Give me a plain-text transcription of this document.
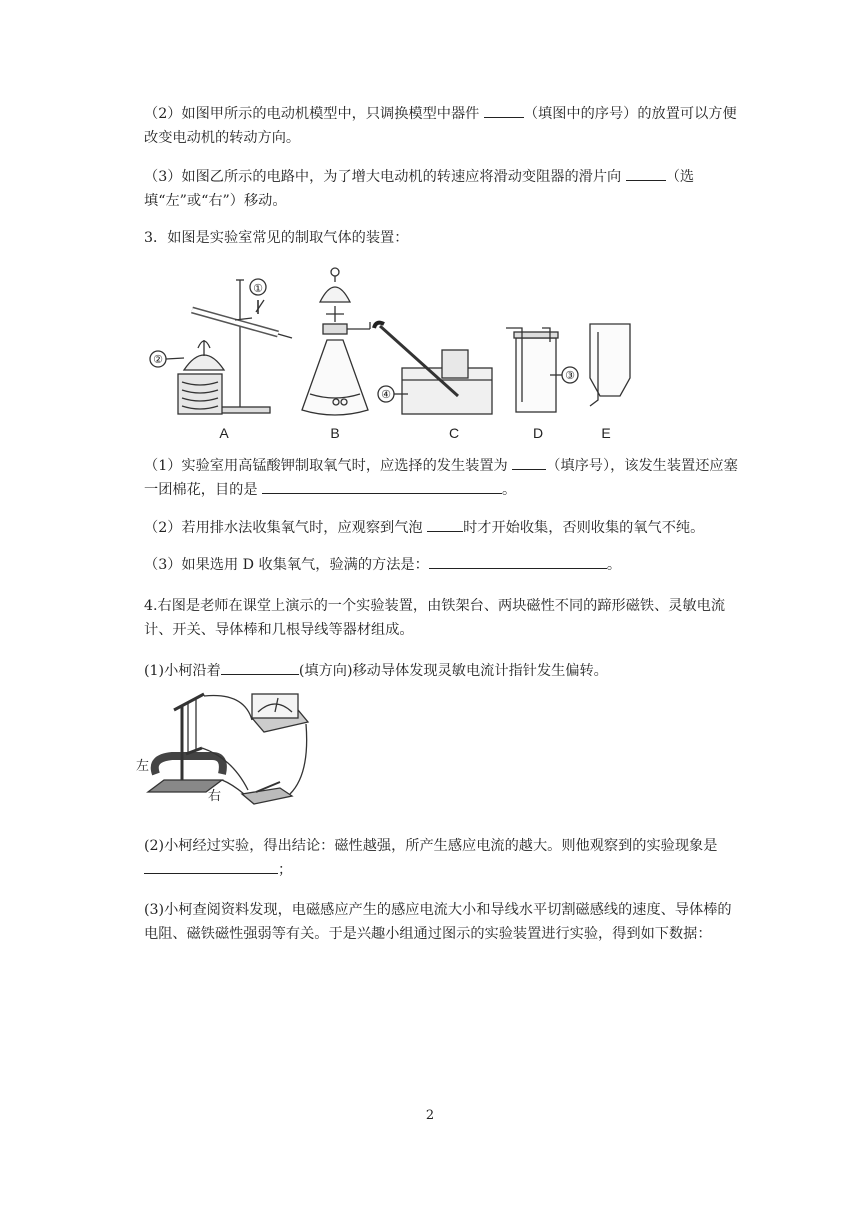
（2）如图甲所示的电动机模型中，只调换模型中器件	（填图中的序号）的放置可以方便改变电动机的转动方向。

（3）如图乙所示的电路中，为了增大电动机的转速应将滑动变阻器的滑片向	（选填“左”或“右”）移动。

3．如图是实验室常见的制取气体的装置：

①
②
③
④
A	B	C	D	E

（1）实验室用高锰酸钾制取氧气时，应选择的发生装置为 （填序号），该发生装置还应塞一团棉花，目的是	。

（2）若用排水法收集氧气时，应观察到气泡	时才开始收集，否则收集的氧气不纯。

（3）如果选用 D 收集氧气，验满的方法是：	。

4.右图是老师在课堂上演示的一个实验装置，由铁架台、两块磁性不同的蹄形磁铁、灵敏电流计、开关、导体棒和几根导线等器材组成。

(1)小柯沿着	(填方向)移动导体发现灵敏电流计指针发生偏转。

左
右

(2)小柯经过实验，得出结论：磁性越强，所产生感应电流的越大。则他观察到的实验现象是；

(3)小柯查阅资料发现，电磁感应产生的感应电流大小和导线水平切割磁感线的速度、导体棒的电阻、磁铁磁性强弱等有关。于是兴趣小组通过图示的实验装置进行实验，得到如下数据：

2
